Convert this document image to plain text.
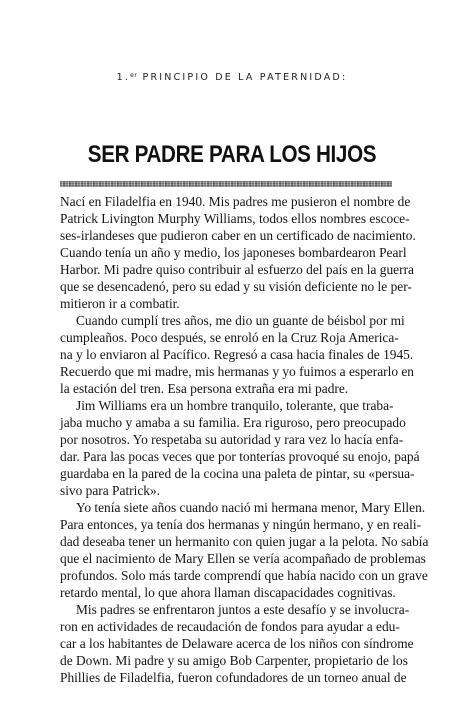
1.$^{er}$ PRINCIPIO DE LA PATERNIDAD:
SER PADRE PARA LOS HIJOS
Nací en Filadelfia en 1940. Mis padres me pusieron el nombre de
Patrick Livington Murphy Williams, todos ellos nombres escoce-
ses-irlandeses que pudieron caber en un certificado de nacimiento.
Cuando tenía un año y medio, los japoneses bombardearon Pearl
Harbor. Mi padre quiso contribuir al esfuerzo del país en la guerra
que se desencadenó, pero su edad y su visión deficiente no le per-
mitieron ir a combatir.
Cuando cumplí tres años, me dio un guante de béisbol por mi
cumpleaños. Poco después, se enroló en la Cruz Roja America-
na y lo enviaron al Pacífico. Regresó a casa hacia finales de 1945.
Recuerdo que mi madre, mis hermanas y yo fuimos a esperarlo en
la estación del tren. Esa persona extraña era mi padre.
Jim Williams era un hombre tranquilo, tolerante, que traba-
jaba mucho y amaba a su familia. Era riguroso, pero preocupado
por nosotros. Yo respetaba su autoridad y rara vez lo hacía enfa-
dar. Para las pocas veces que por tonterías provoqué su enojo, papá
guardaba en la pared de la cocina una paleta de pintar, su «persua-
sivo para Patrick».
Yo tenía siete años cuando nació mi hermana menor, Mary Ellen.
Para entonces, ya tenía dos hermanas y ningún hermano, y en reali-
dad deseaba tener un hermanito con quien jugar a la pelota. No sabía
que el nacimiento de Mary Ellen se vería acompañado de problemas
profundos. Solo más tarde comprendí que había nacido con un grave
retardo mental, lo que ahora llaman discapacidades cognitivas.
Mis padres se enfrentaron juntos a este desafío y se involucra-
ron en actividades de recaudación de fondos para ayudar a edu-
car a los habitantes de Delaware acerca de los niños con síndrome
de Down. Mi padre y su amigo Bob Carpenter, propietario de los
Phillies de Filadelfia, fueron cofundadores de un torneo anual de
